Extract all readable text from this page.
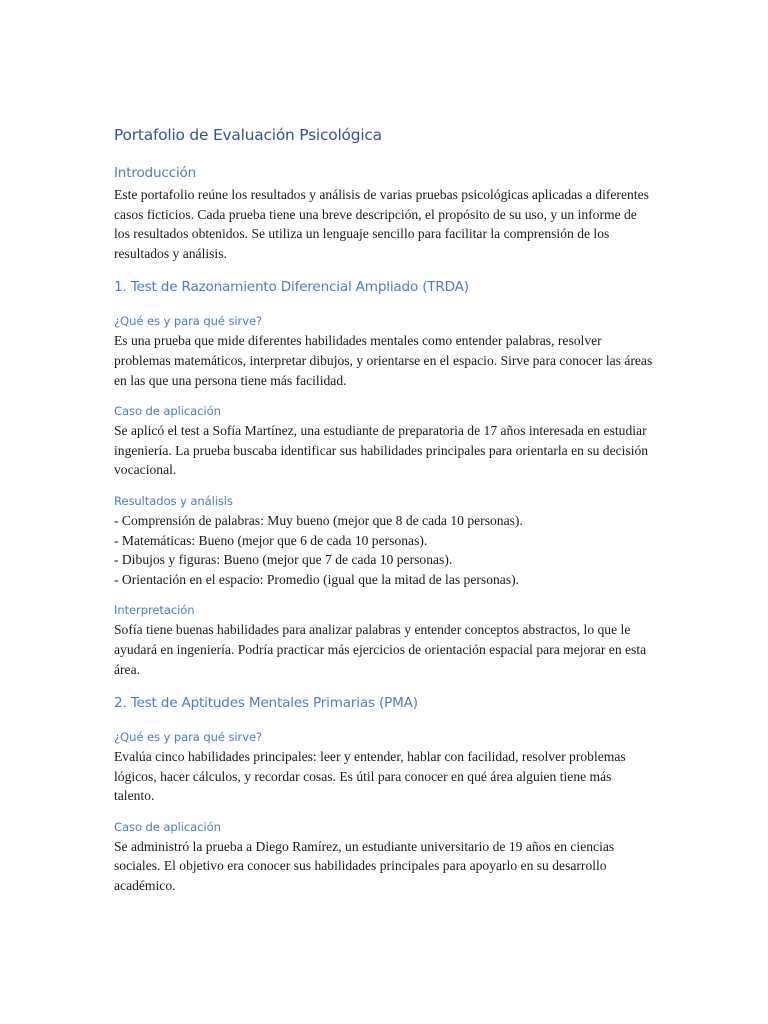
Portafolio de Evaluación Psicológica
Introducción

Este portafolio reúne los resultados y análisis de varias pruebas psicológicas aplicadas a diferentes casos ficticios. Cada prueba tiene una breve descripción, el propósito de su uso, y un informe de los resultados obtenidos. Se utiliza un lenguaje sencillo para facilitar la comprensión de los resultados y análisis.

1. Test de Razonamiento Diferencial Ampliado (TRDA)
¿Qué es y para qué sirve?

Es una prueba que mide diferentes habilidades mentales como entender palabras, resolver problemas matemáticos, interpretar dibujos, y orientarse en el espacio. Sirve para conocer las áreas en las que una persona tiene más facilidad.

Caso de aplicación

Se aplicó el test a Sofía Martínez, una estudiante de preparatoria de 17 años interesada en estudiar ingeniería. La prueba buscaba identificar sus habilidades principales para orientarla en su decisión vocacional.

Resultados y análisis

- Comprensión de palabras: Muy bueno (mejor que 8 de cada 10 personas).
- Matemáticas: Bueno (mejor que 6 de cada 10 personas).
- Dibujos y figuras: Bueno (mejor que 7 de cada 10 personas).
- Orientación en el espacio: Promedio (igual que la mitad de las personas).

Interpretación

Sofía tiene buenas habilidades para analizar palabras y entender conceptos abstractos, lo que le ayudará en ingeniería. Podría practicar más ejercicios de orientación espacial para mejorar en esta área.

2. Test de Aptitudes Mentales Primarias (PMA)
¿Qué es y para qué sirve?

Evalúa cinco habilidades principales: leer y entender, hablar con facilidad, resolver problemas lógicos, hacer cálculos, y recordar cosas. Es útil para conocer en qué área alguien tiene más talento.

Caso de aplicación

Se administró la prueba a Diego Ramírez, un estudiante universitario de 19 años en ciencias sociales. El objetivo era conocer sus habilidades principales para apoyarlo en su desarrollo académico.
